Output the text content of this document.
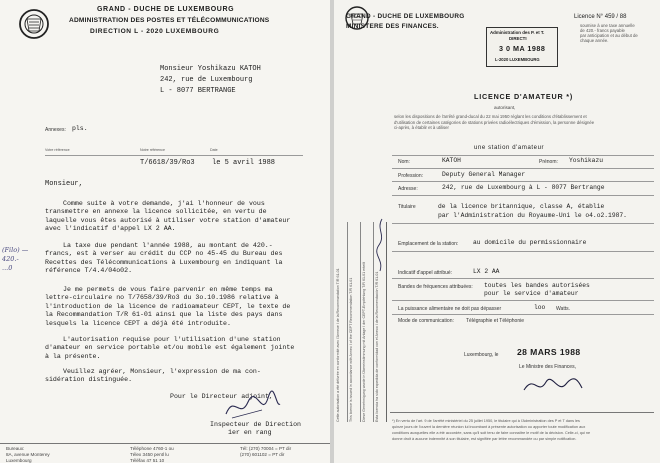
GRAND - DUCHE DE LUXEMBOURG
ADMINISTRATION DES POSTES ET TÉLÉCOMMUNICATIONS
DIRECTION L - 2020 LUXEMBOURG
Monsieur Yoshikazu KATOH
242, rue de Luxembourg
L - 8077 BERTRANGE
Annexes: pls.
Votre référence	Notre référence	Date
T/6618/39/Ro3 le 5 avril 1988
(Filo) —
420.-
...0
Monsieur,
Comme suite à votre demande, j'ai l'honneur de vous
transmettre en annexe la licence sollicitée, en vertu de
laquelle vous êtes autorisé à utiliser votre station d'amateur
avec l'indicatif d'appel LX 2 AA.
La taxe due pendant l'année 1988, au montant de 420.-
francs, est à verser au crédit du CCP no 45-45 du Bureau des
Recettes des Télécommunications à Luxembourg en indiquant la
référence T/4.4/04o02.
Je me permets de vous faire parvenir en même temps ma
lettre-circulaire no T/7658/39/Ro3 du 3o.10.1986 relative à
l'introduction de la licence de radioamateur CEPT, le texte de
la Recommandation T/R 61-01 ainsi que la liste des pays dans
lesquels la licence CEPT a déjà été introduite.
L'autorisation requise pour l'utilisation d'une station
d'amateur en service portable et/ou mobile est également jointe
à la présente.
Veuillez agréer, Monsieur, l'expression de ma con-
sidération distinguée.
Pour le Directeur adjoint,
Inspecteur de Direction
1er en rang
Bureaux:
8A, avenue Monterey
Luxembourg
Téléphone 4760-1 ou
Télex 3450 pentl lu
Téléfax 47 51 10
Tél: (270) 70004 = PT dir
(270) 601102 = PT dir
GRAND - DUCHE DE LUXEMBOURG
MINISTERE DES FINANCES.
Administration des P. et T.
DIRECTI
3 0 MA 1988
L-2020 LUXEMBOURG
Licence N° 459 / 88
soumise à une taxe annuelle
de 420.- francs payable
par anticipation et au début de
chaque année.
LICENCE D'AMATEUR *)
autorisant,
selon les dispositions de l'arrêté grand-ducal du 22 mai 1950 réglant les conditions d'établissement et
d'utilisation de certaines catégories de stations privées radioélectriques d'émission, la personne désignée
ci-après, à établir et à utiliser
une station d'amateur
Nom:	KATOH	Prénom: Yoshikazu
Profession:	Deputy General Manager
Adresse:	242, rue de Luxembourg à L - 8077 Bertrange
Titulaire	de la licence britannique, classe A, établie
par l'Administration du Royaume-Uni le o4.o2.1987.
Emplacement de la station: au domicile du permissionnaire
Indicatif d'appel attribué:	LX 2 AA
Bandes de fréquences attribuées: toutes les bandes autorisées
pour le service d'amateur
La puissance alimentaire ne doit pas dépasser	loo Watts.
Mode de communication: Télégraphie et Téléphonie
Cette autorisation a été délivrée en conformité avec l'Annexe I de la Recommandation T/R 61-01	This licence is issued in accordance with Annex I of the CEPT Recommendation T/R 61-01	Diese Genehmigung wurde in Übereinstimmung mit Anlage I der CEPT-Empfehlung T/R 61-01 erteilt	Esta licencia ha sido expedida de conformidad con el Anexo I de la Recomendación T/R 61-01	Luxembourg, le 28 MARS 1988
Le Ministre des Finances,
*) En vertu de l'art. 9 de l'arrêté ministériel du 25 juillet 1950, le titulaire qui à l'Administration des P et T dans les
quinze jours de l'ouvert la dernière réunion lui incombant à présente autorisation ou apporter toute modification aux
conditions auxquelles elle a été accordée, sans qu'il soit tenu de faire connaître le motif de la décision. Celle-ci, qui ne
donne droit à aucune indemnité à son titulaire, est signifiée par lettre recommandée ou par simple notification.
